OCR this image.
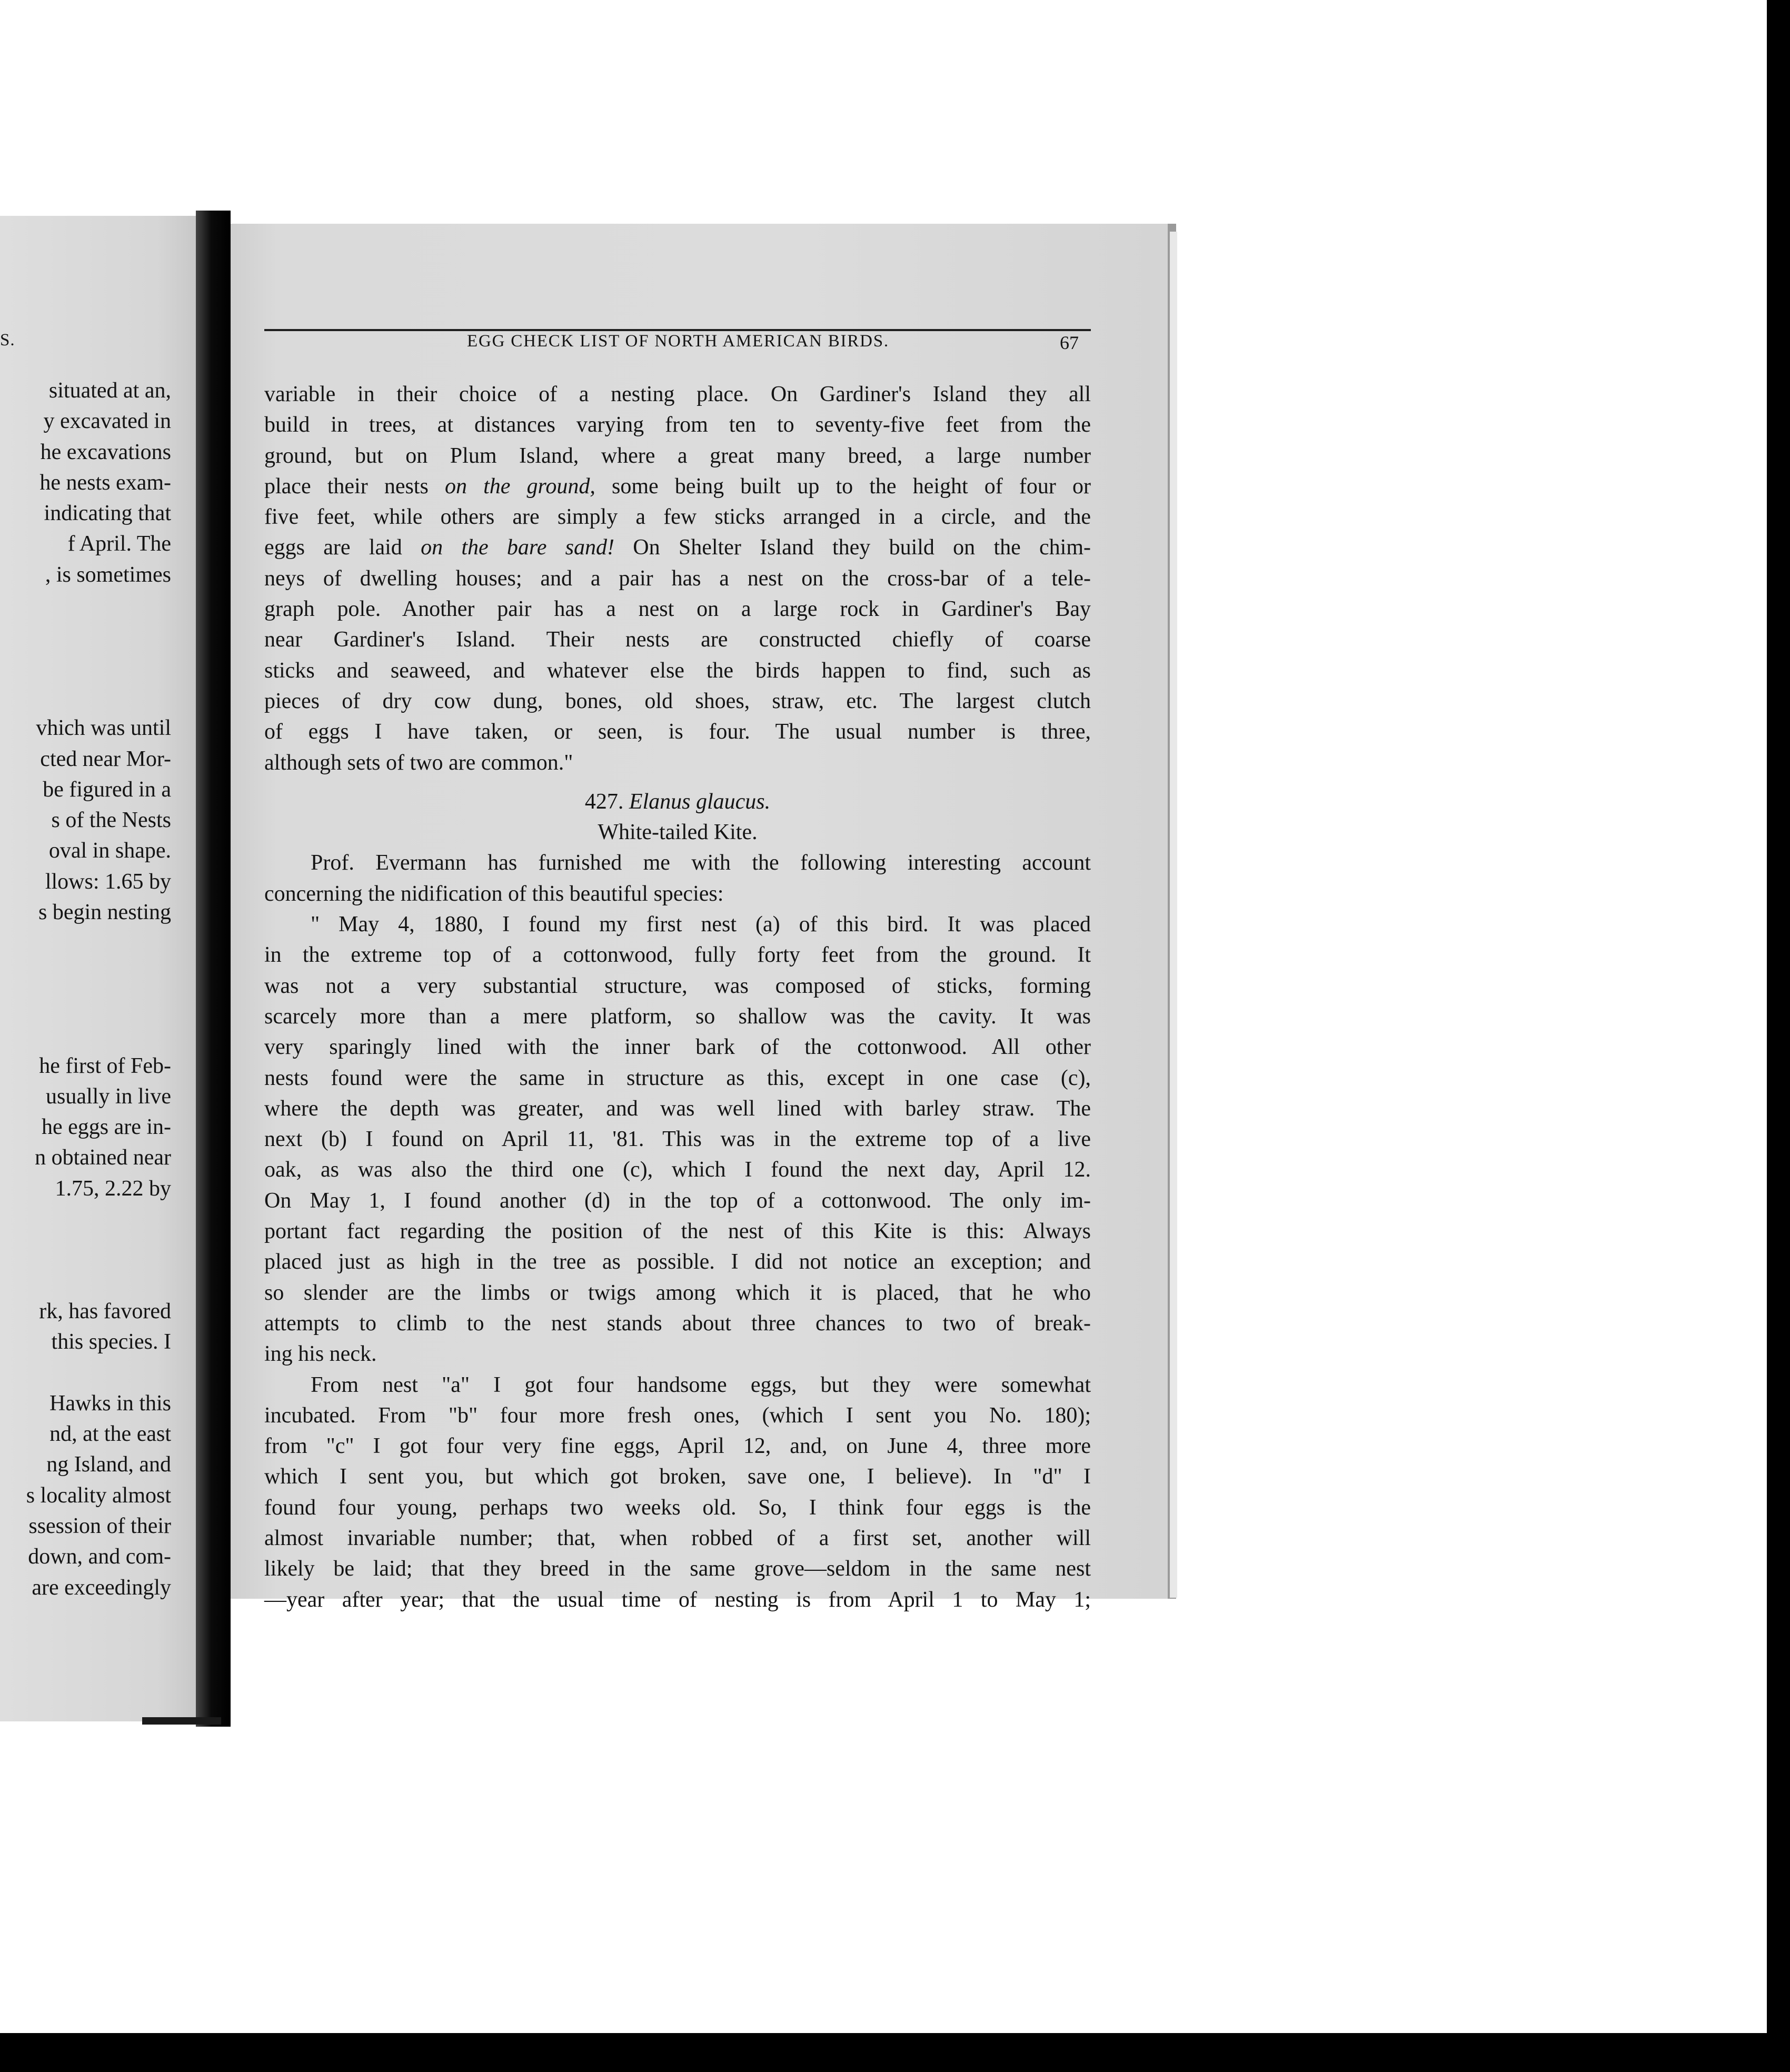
S.
situated at an,
y excavated in
he excavations
he nests exam-
indicating that
f April. The
, is sometimes
vhich was until
cted near Mor-
be figured in a
s of the Nests
oval in shape.
llows: 1.65 by
s begin nesting
he first of Feb-
usually in live
he eggs are in-
n obtained near
1.75, 2.22 by
rk, has favored
this species. I
Hawks in this
nd, at the east
ng Island, and
s locality almost
ssession of their
down, and com-
are exceedingly
EGG CHECK LIST OF NORTH AMERICAN BIRDS.	67
variable in their choice of a nesting place. On Gardiner's Island they all
build in trees, at distances varying from ten to seventy-five feet from the
ground, but on Plum Island, where a great many breed, a large number
place their nests on the ground, some being built up to the height of four or
five feet, while others are simply a few sticks arranged in a circle, and the
eggs are laid on the bare sand! On Shelter Island they build on the chim-
neys of dwelling houses; and a pair has a nest on the cross-bar of a tele-
graph pole. Another pair has a nest on a large rock in Gardiner's Bay
near Gardiner's Island. Their nests are constructed chiefly of coarse
sticks and seaweed, and whatever else the birds happen to find, such as
pieces of dry cow dung, bones, old shoes, straw, etc. The largest clutch
of eggs I have taken, or seen, is four. The usual number is three,
although sets of two are common."
427. Elanus glaucus.
White-tailed Kite.
Prof. Evermann has furnished me with the following interesting account
concerning the nidification of this beautiful species:
" May 4, 1880, I found my first nest (a) of this bird. It was placed
in the extreme top of a cottonwood, fully forty feet from the ground. It
was not a very substantial structure, was composed of sticks, forming
scarcely more than a mere platform, so shallow was the cavity. It was
very sparingly lined with the inner bark of the cottonwood. All other
nests found were the same in structure as this, except in one case (c),
where the depth was greater, and was well lined with barley straw. The
next (b) I found on April 11, '81. This was in the extreme top of a live
oak, as was also the third one (c), which I found the next day, April 12.
On May 1, I found another (d) in the top of a cottonwood. The only im-
portant fact regarding the position of the nest of this Kite is this: Always
placed just as high in the tree as possible. I did not notice an exception; and
so slender are the limbs or twigs among which it is placed, that he who
attempts to climb to the nest stands about three chances to two of break-
ing his neck.
From nest "a" I got four handsome eggs, but they were somewhat
incubated. From "b" four more fresh ones, (which I sent you No. 180);
from "c" I got four very fine eggs, April 12, and, on June 4, three more
which I sent you, but which got broken, save one, I believe). In "d" I
found four young, perhaps two weeks old. So, I think four eggs is the
almost invariable number; that, when robbed of a first set, another will
likely be laid; that they breed in the same grove—seldom in the same nest
—year after year; that the usual time of nesting is from April 1 to May 1;
